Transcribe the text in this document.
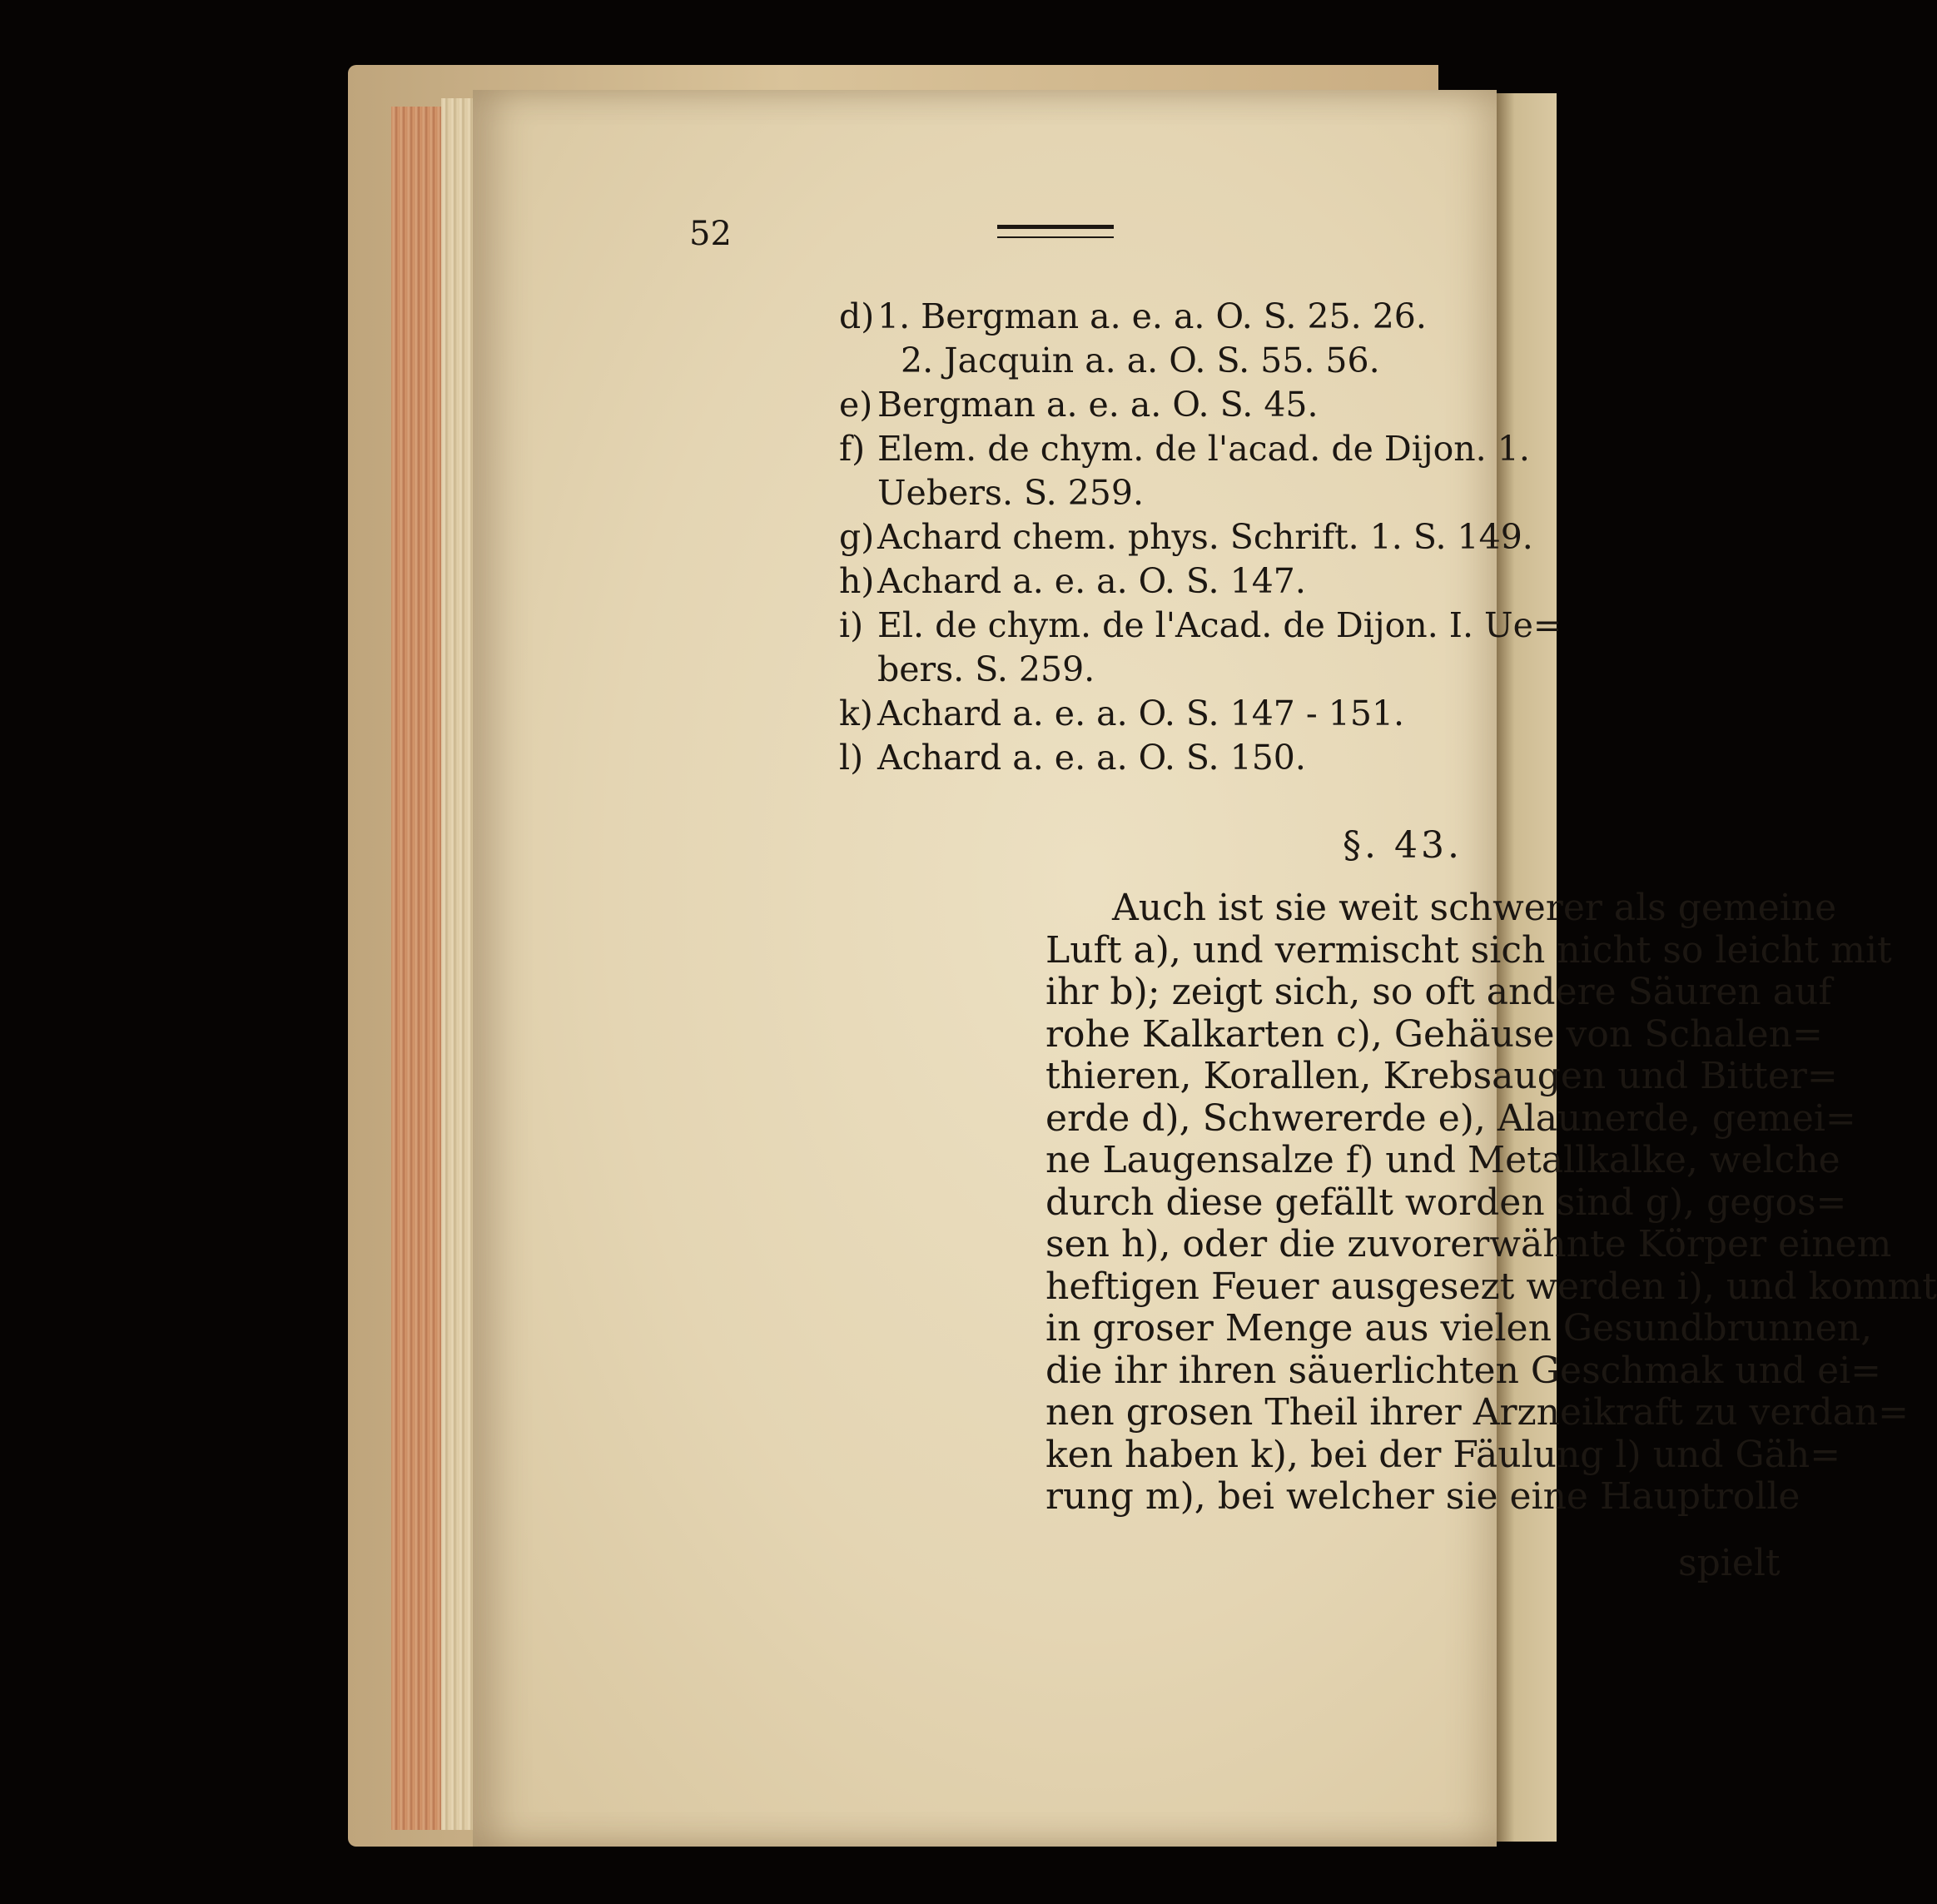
52
d) 1. Bergman a. e. a. O. S. 25. 26.
2. Jacquin a. a. O. S. 55. 56.
e) Bergman a. e. a. O. S. 45.
f) Elem. de chym. de l'acad. de Dijon. 1.
Uebers. S. 259.
g) Achard chem. phys. Schrift. 1. S. 149.
h) Achard a. e. a. O. S. 147.
i) El. de chym. de l'Acad. de Dijon. I. Ue=
bers. S. 259.
k) Achard a. e. a. O. S. 147 - 151.
l) Achard a. e. a. O. S. 150.
§. 43.
Auch ist sie weit schwerer als gemeine
Luft a), und vermischt sich nicht so leicht mit
ihr b); zeigt sich, so oft andere Säuren auf
rohe Kalkarten c), Gehäuse von Schalen=
thieren, Korallen, Krebsaugen und Bitter=
erde d), Schwererde e), Alaunerde, gemei=
ne Laugensalze f) und Metallkalke, welche
durch diese gefällt worden sind g), gegos=
sen h), oder die zuvorerwähnte Körper einem
heftigen Feuer ausgesezt werden i), und kommt
in groser Menge aus vielen Gesundbrunnen,
die ihr ihren säuerlichten Geschmak und ei=
nen grosen Theil ihrer Arzneikraft zu verdan=
ken haben k), bei der Fäulung l) und Gäh=
rung m), bei welcher sie eine Hauptrolle
spielt
